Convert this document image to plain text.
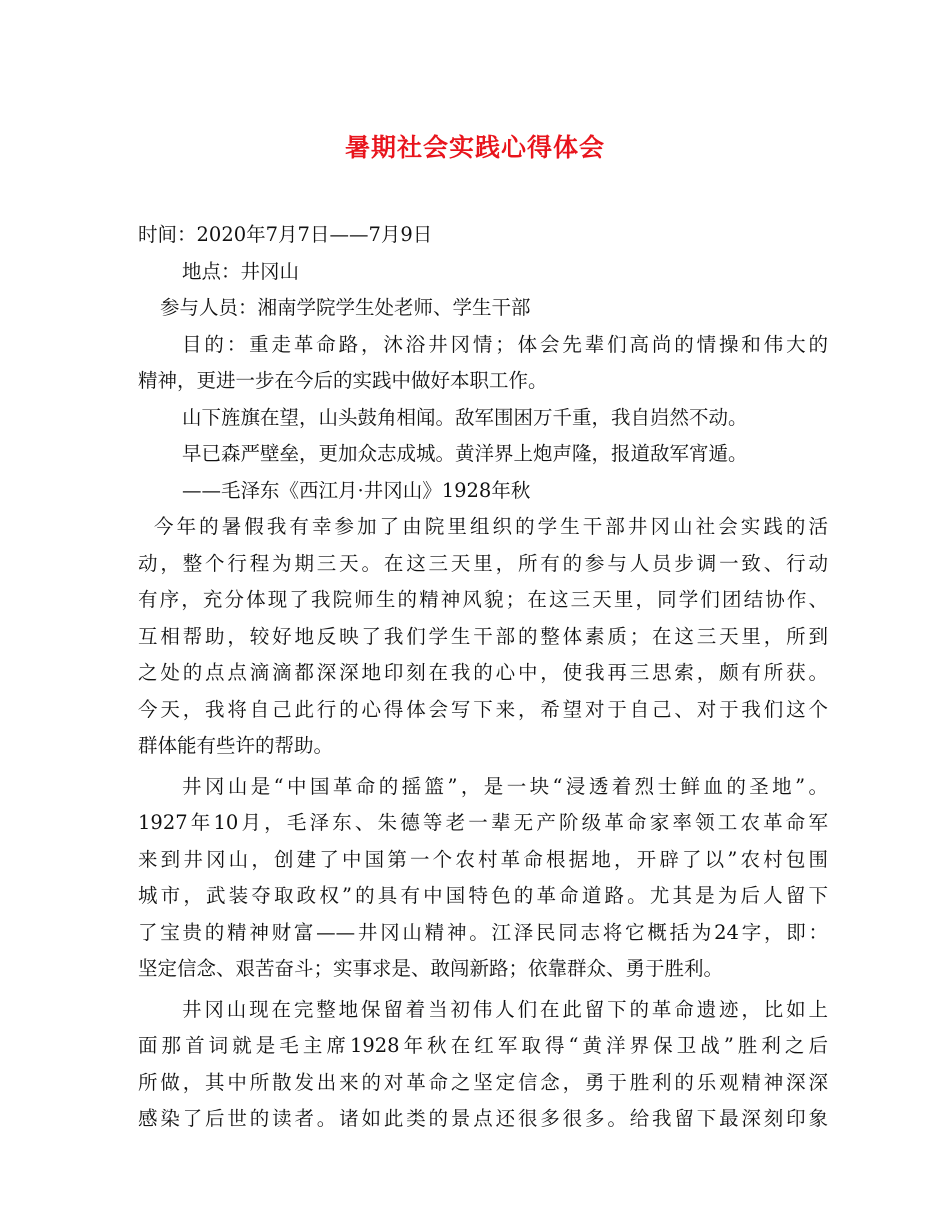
暑期社会实践心得体会
时间：2020年7月7日——7月9日
地点：井冈山
参与人员：湘南学院学生处老师、学生干部
目的：重走革命路，沐浴井冈情；体会先辈们高尚的情操和伟大的
精神，更进一步在今后的实践中做好本职工作。
山下旌旗在望，山头鼓角相闻。敌军围困万千重，我自岿然不动。
早已森严壁垒，更加众志成城。黄洋界上炮声隆，报道敌军宵遁。
——毛泽东《西江月·井冈山》1928年秋
今年的暑假我有幸参加了由院里组织的学生干部井冈山社会实践的活
动，整个行程为期三天。在这三天里，所有的参与人员步调一致、行动
有序，充分体现了我院师生的精神风貌；在这三天里，同学们团结协作、
互相帮助，较好地反映了我们学生干部的整体素质；在这三天里，所到
之处的点点滴滴都深深地印刻在我的心中，使我再三思索，颇有所获。
今天，我将自己此行的心得体会写下来，希望对于自己、对于我们这个
群体能有些许的帮助。
井冈山是“中国革命的摇篮”，是一块“浸透着烈士鲜血的圣地”。
1927年10月，毛泽东、朱德等老一辈无产阶级革命家率领工农革命军
来到井冈山，创建了中国第一个农村革命根据地，开辟了以”农村包围
城市，武装夺取政权”的具有中国特色的革命道路。尤其是为后人留下
了宝贵的精神财富——井冈山精神。江泽民同志将它概括为24字，即：
坚定信念、艰苦奋斗；实事求是、敢闯新路；依靠群众、勇于胜利。
井冈山现在完整地保留着当初伟人们在此留下的革命遗迹，比如上
面那首词就是毛主席1928年秋在红军取得“黄洋界保卫战”胜利之后
所做，其中所散发出来的对革命之坚定信念，勇于胜利的乐观精神深深
感染了后世的读者。诸如此类的景点还很多很多。给我留下最深刻印象
